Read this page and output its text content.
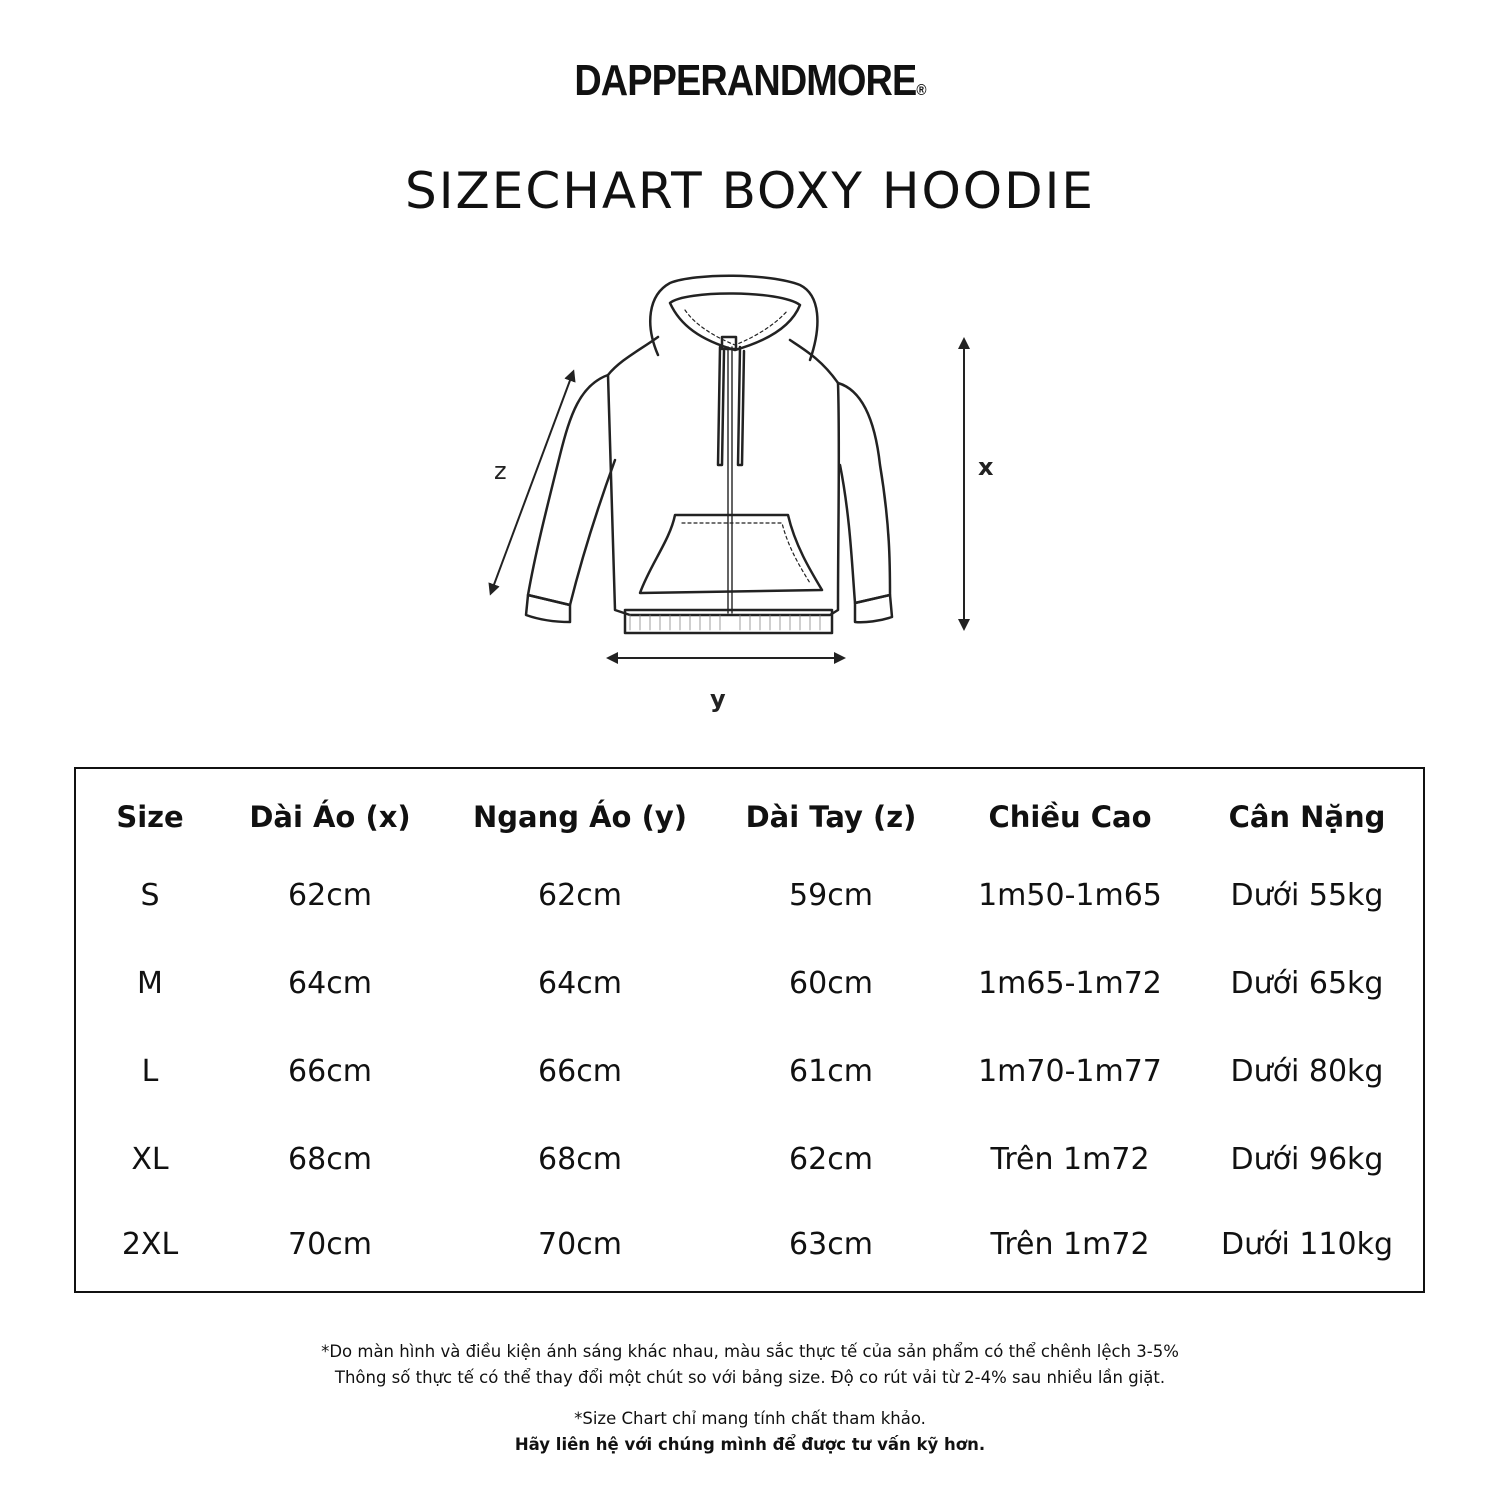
DAPPERANDMORE®
SIZECHART BOXY HOODIE
z	x
y
Size	Dài Áo (x)	Ngang Áo (y)	Dài Tay (z)	Chiều Cao	Cân Nặng
S	62cm	62cm	59cm	1m50-1m65	Dưới 55kg
M	64cm	64cm	60cm	1m65-1m72	Dưới 65kg
L	66cm	66cm	61cm	1m70-1m77	Dưới 80kg
XL	68cm	68cm	62cm	Trên 1m72	Dưới 96kg
2XL	70cm	70cm	63cm	Trên 1m72	Dưới 110kg
*Do màn hình và điều kiện ánh sáng khác nhau, màu sắc thực tế của sản phẩm có thể chênh lệch 3-5%
Thông số thực tế có thể thay đổi một chút so với bảng size. Độ co rút vải từ 2-4% sau nhiều lần giặt.
*Size Chart chỉ mang tính chất tham khảo.
Hãy liên hệ với chúng mình để được tư vấn kỹ hơn.
